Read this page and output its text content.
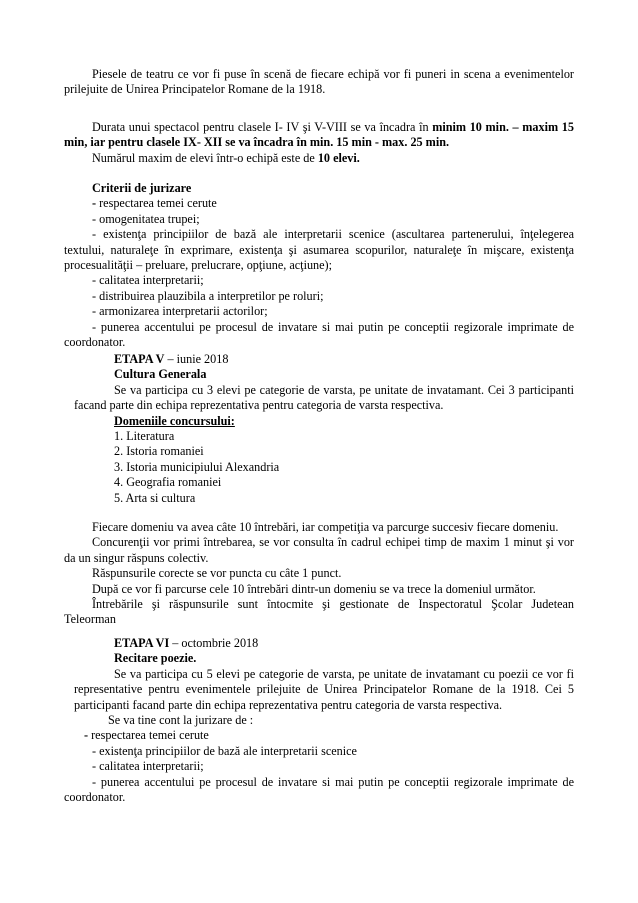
Piesele de teatru ce vor fi puse în scenă de fiecare echipă vor fi puneri in scena a evenimentelor
prilejuite de Unirea Principatelor Romane de la 1918.
Durata unui spectacol pentru clasele I- IV şi V-VIII se va încadra în minim 10 min. – maxim 15
min, iar pentru clasele IX- XII se va încadra în min. 15 min - max. 25 min.
Numărul maxim de elevi într-o echipă este de 10 elevi.
Criterii de jurizare
- respectarea temei cerute
- omogenitatea trupei;
- existenţa principiilor de bază ale interpretarii scenice (ascultarea partenerului, înţelegerea
textului, naturaleţe în exprimare, existenţa şi asumarea scopurilor, naturaleţe în mişcare, existenţa
procesualităţii – preluare, prelucrare, opţiune, acţiune);
- calitatea interpretarii;
- distribuirea plauzibila a interpretilor pe roluri;
- armonizarea interpretarii actorilor;
- punerea accentului pe procesul de invatare si mai putin pe conceptii regizorale imprimate de
coordonator.
ETAPA V – iunie 2018
Cultura Generala
Se va participa cu 3 elevi pe categorie de varsta, pe unitate de invatamant. Cei 3 participanti
facand parte din echipa reprezentativa pentru categoria de varsta respectiva.
Domeniile concursului:
1. Literatura
2. Istoria romaniei
3. Istoria municipiului Alexandria
4. Geografia romaniei
5. Arta si cultura
Fiecare domeniu va avea câte 10 întrebări, iar competiţia va parcurge succesiv fiecare domeniu.
Concurenţii vor primi întrebarea, se vor consulta în cadrul echipei timp de maxim 1 minut şi vor
da un singur răspuns colectiv.
Răspunsurile corecte se vor puncta cu câte 1 punct.
După ce vor fi parcurse cele 10 întrebări dintr-un domeniu se va trece la domeniul următor.
Întrebările şi răspunsurile sunt întocmite şi gestionate de Inspectoratul Şcolar Judetean
Teleorman
ETAPA VI – octombrie 2018
Recitare poezie.
Se va participa cu 5 elevi pe categorie de varsta, pe unitate de invatamant cu poezii ce vor fi
representative pentru evenimentele prilejuite de Unirea Principatelor Romane de la 1918. Cei 5
participanti facand parte din echipa reprezentativa pentru categoria de varsta respectiva.
Se va tine cont la jurizare de :
- respectarea temei cerute
- existenţa principiilor de bază ale interpretarii scenice
- calitatea interpretarii;
- punerea accentului pe procesul de invatare si mai putin pe conceptii regizorale imprimate de
coordonator.
